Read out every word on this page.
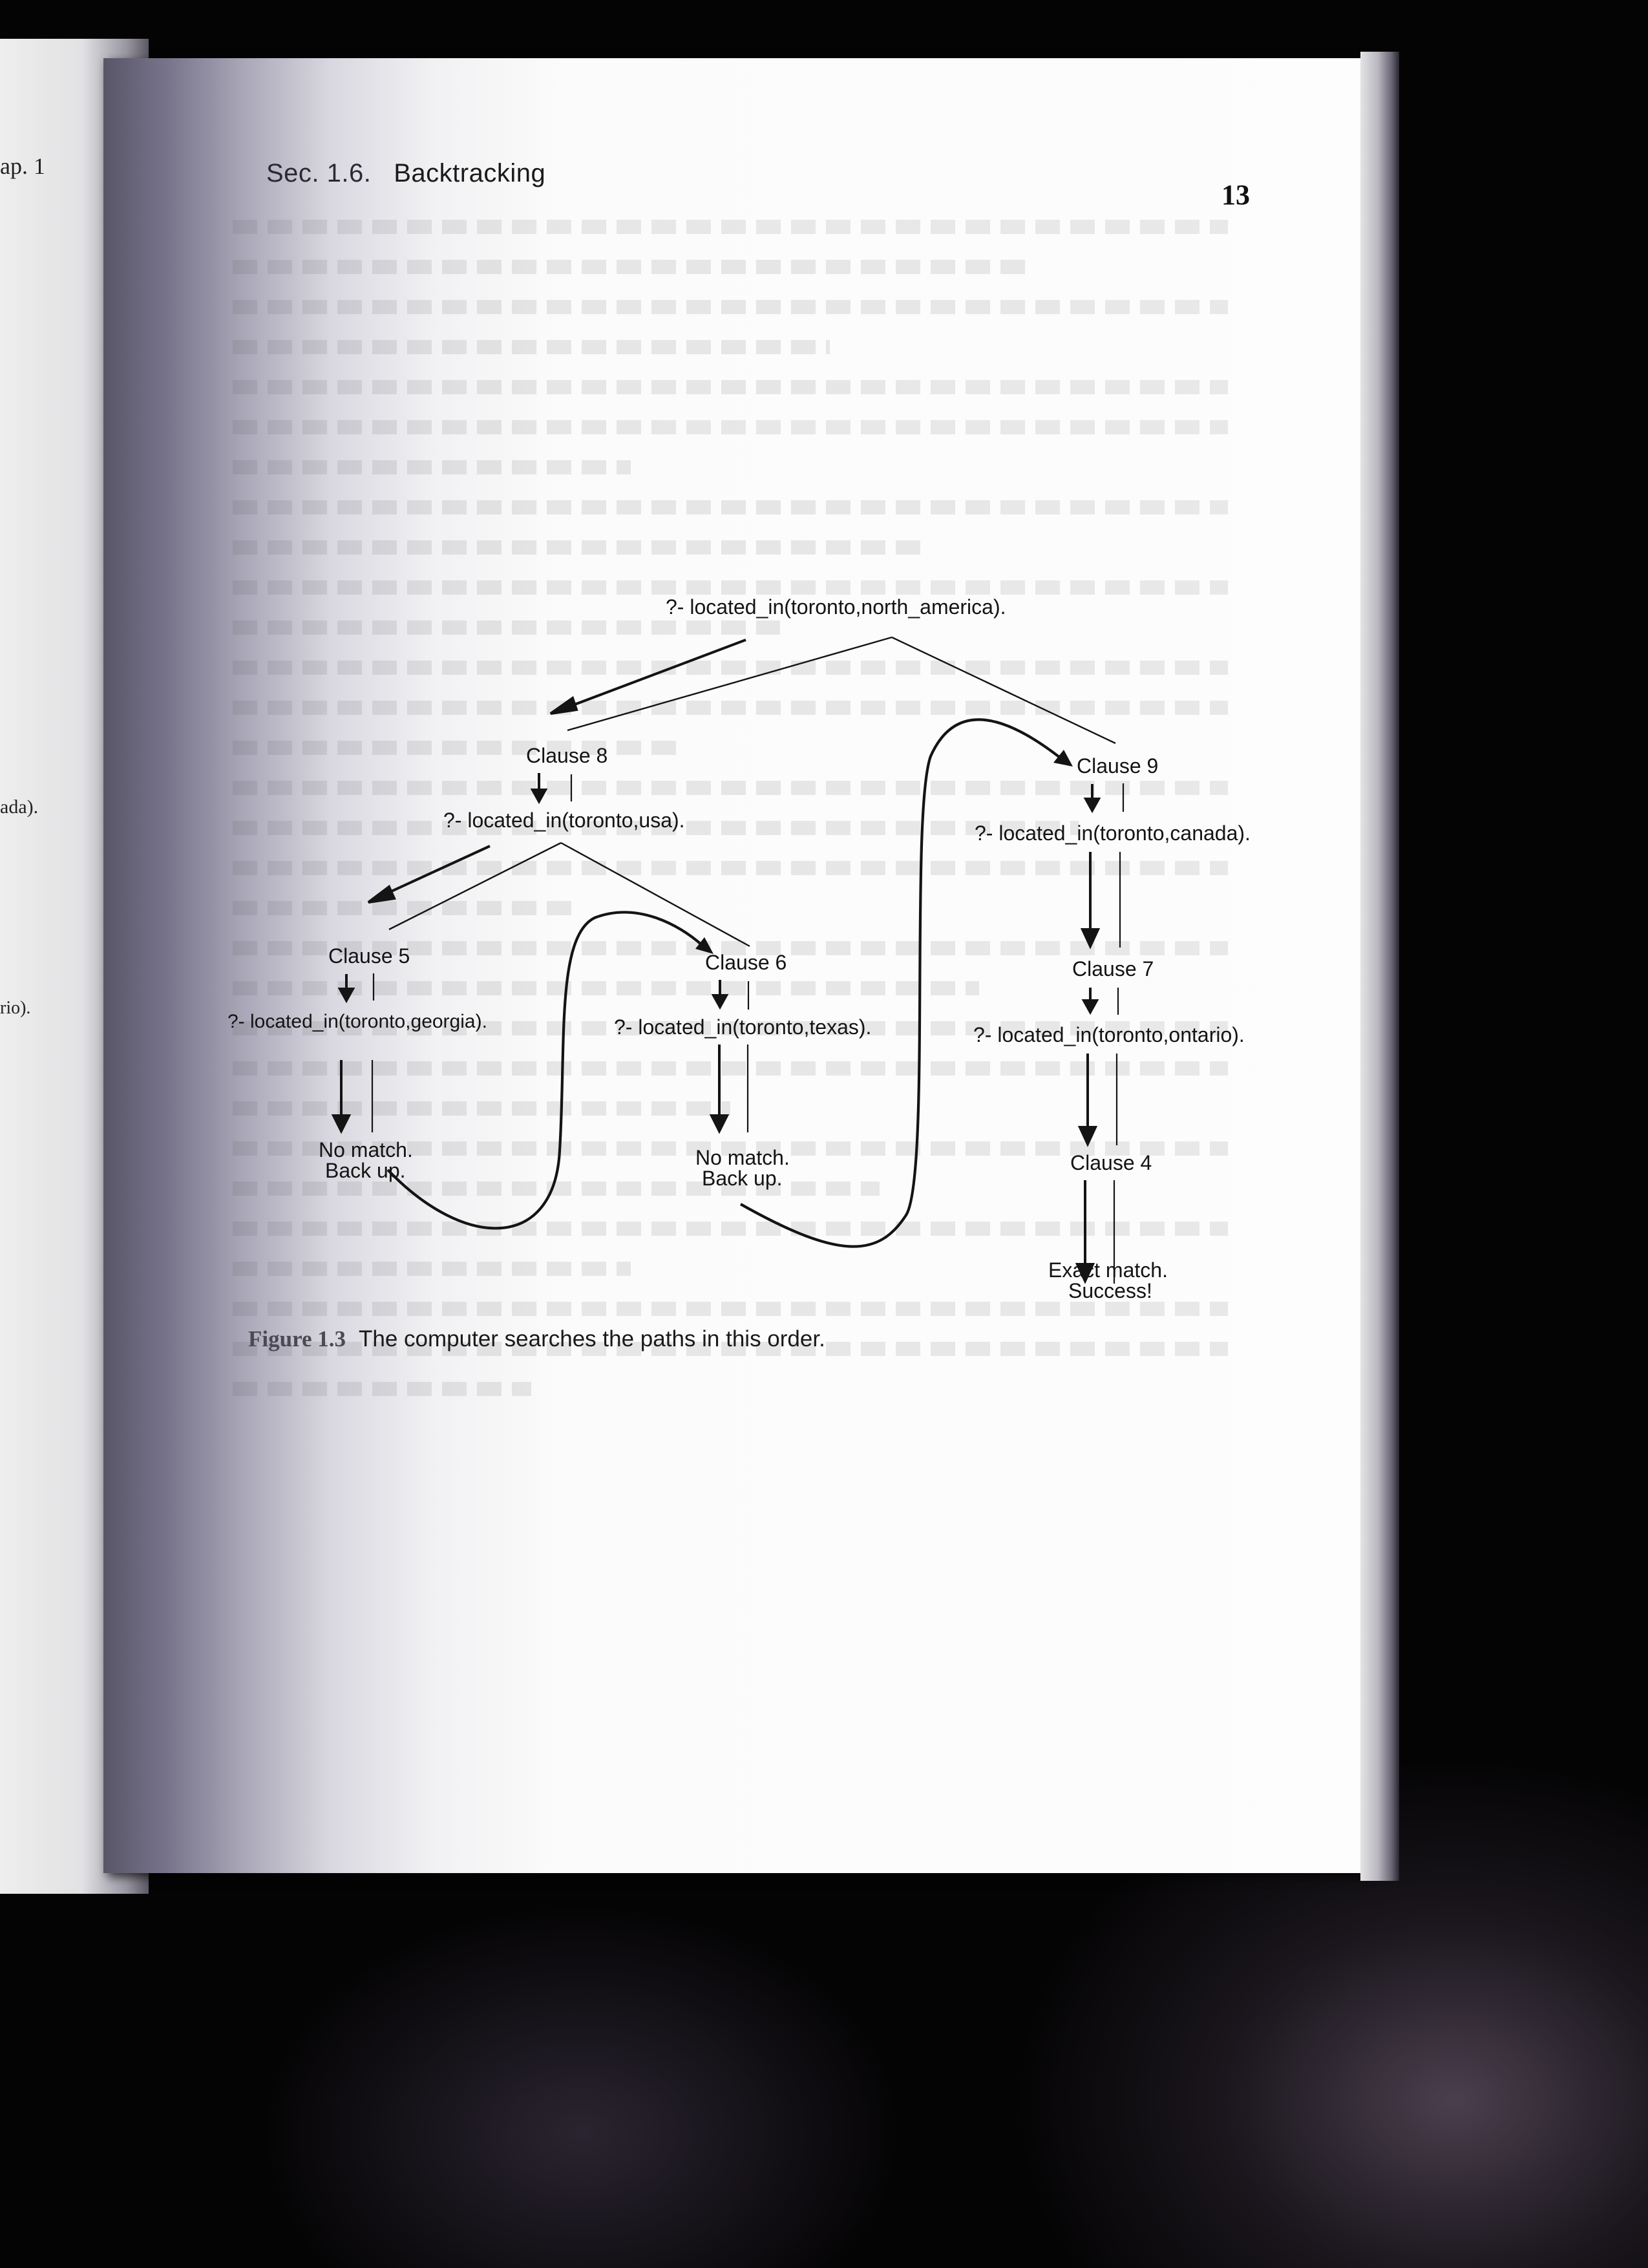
ap. 1
ada).
rio).
Sec. 1.6. Backtracking
13
?- located_in(toronto,north_america).
Clause 8
?- located_in(toronto,usa).
Clause 5
?- located_in(toronto,georgia).
No match.
Back up.
Clause 6
?- located_in(toronto,texas).
No match.
Back up.
Clause 9
?- located_in(toronto,canada).
Clause 7
?- located_in(toronto,ontario).
Clause 4
Exact match.
Success!
Figure 1.3 The computer searches the paths in this order.
